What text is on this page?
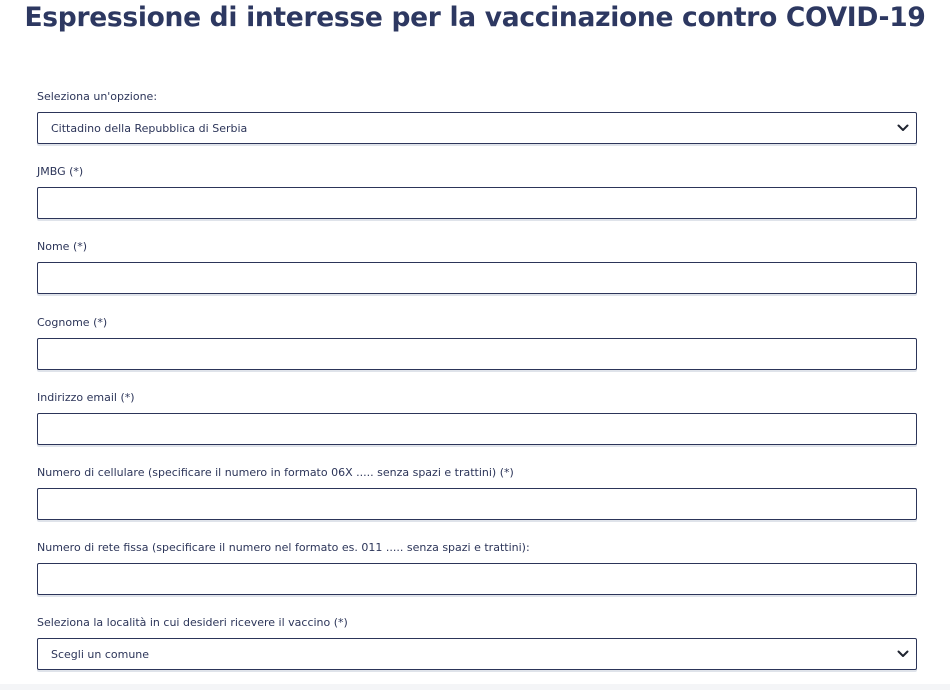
Espressione di interesse per la vaccinazione contro COVID-19
Seleziona un'opzione:
Cittadino della Repubblica di Serbia
JMBG (*)
Nome (*)
Cognome (*)
Indirizzo email (*)
Numero di cellulare (specificare il numero in formato 06X ..... senza spazi e trattini) (*)
Numero di rete fissa (specificare il numero nel formato es. 011 ..... senza spazi e trattini):
Seleziona la località in cui desideri ricevere il vaccino (*)
Scegli un comune
